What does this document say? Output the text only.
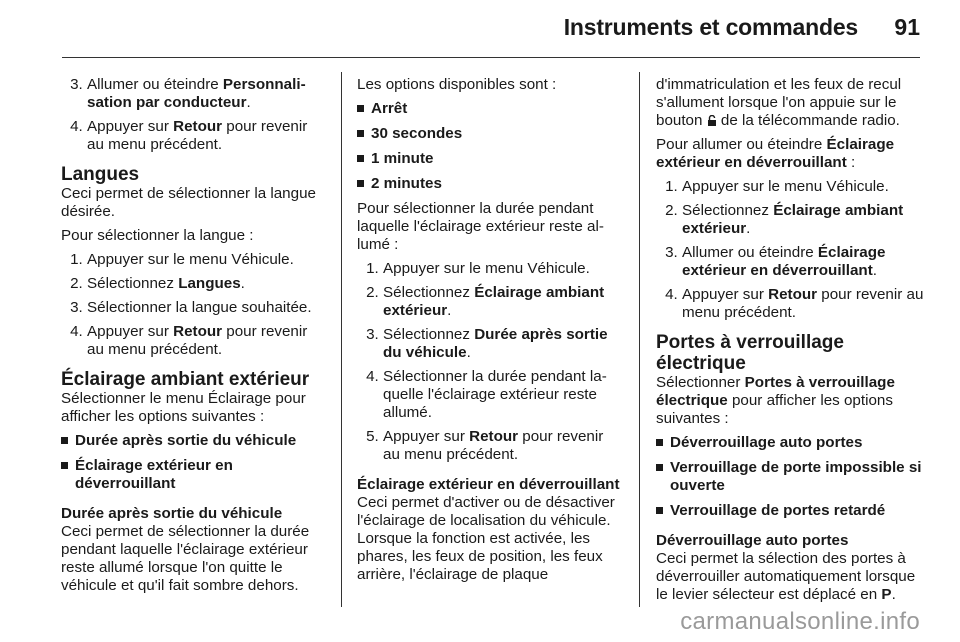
Instruments et commandes 91
3. Allumer ou éteindre Personnalisation par conducteur.
4. Appuyer sur Retour pour revenir au menu précédent.
Langues

Ceci permet de sélectionner la langue désirée.

Pour sélectionner la langue :

1. Appuyer sur le menu Véhicule.
2. Sélectionnez Langues.
3. Sélectionner la langue souhaitée.
4. Appuyer sur Retour pour revenir au menu précédent.
Éclairage ambiant extérieur

Sélectionner le menu Éclairage pour afficher les options suivantes :

Durée après sortie du véhicule
Éclairage extérieur en déverrouillant
Durée après sortie du véhicule

Ceci permet de sélectionner la durée pendant laquelle l'éclairage extérieur reste allumé lorsque l'on quitte le véhicule et qu'il fait sombre dehors.

Les options disponibles sont :

Arrêt
30 secondes
1 minute
2 minutes

Pour sélectionner la durée pendant laquelle l'éclairage extérieur reste allumé :

1. Appuyer sur le menu Véhicule.
2. Sélectionnez Éclairage ambiant extérieur.
3. Sélectionnez Durée après sortie du véhicule.
4. Sélectionner la durée pendant laquelle l'éclairage extérieur reste allumé.
5. Appuyer sur Retour pour revenir au menu précédent.
Éclairage extérieur en déverrouillant

Ceci permet d'activer ou de désactiver l'éclairage de localisation du véhicule. Lorsque la fonction est activée, les phares, les feux de position, les feux arrière, l'éclairage de plaque

d'immatriculation et les feux de recul s'allument lorsque l'on appuie sur le bouton  de la télécommande radio.

Pour allumer ou éteindre Éclairage extérieur en déverrouillant :

1. Appuyer sur le menu Véhicule.
2. Sélectionnez Éclairage ambiant extérieur.
3. Allumer ou éteindre Éclairage extérieur en déverrouillant.
4. Appuyer sur Retour pour revenir au menu précédent.
Portes à verrouillage électrique

Sélectionner Portes à verrouillage électrique pour afficher les options suivantes :

Déverrouillage auto portes
Verrouillage de porte impossible si ouverte
Verrouillage de portes retardé
Déverrouillage auto portes

Ceci permet la sélection des portes à déverrouiller automatiquement lorsque le levier sélecteur est déplacé en P.

carmanualsonline.info
